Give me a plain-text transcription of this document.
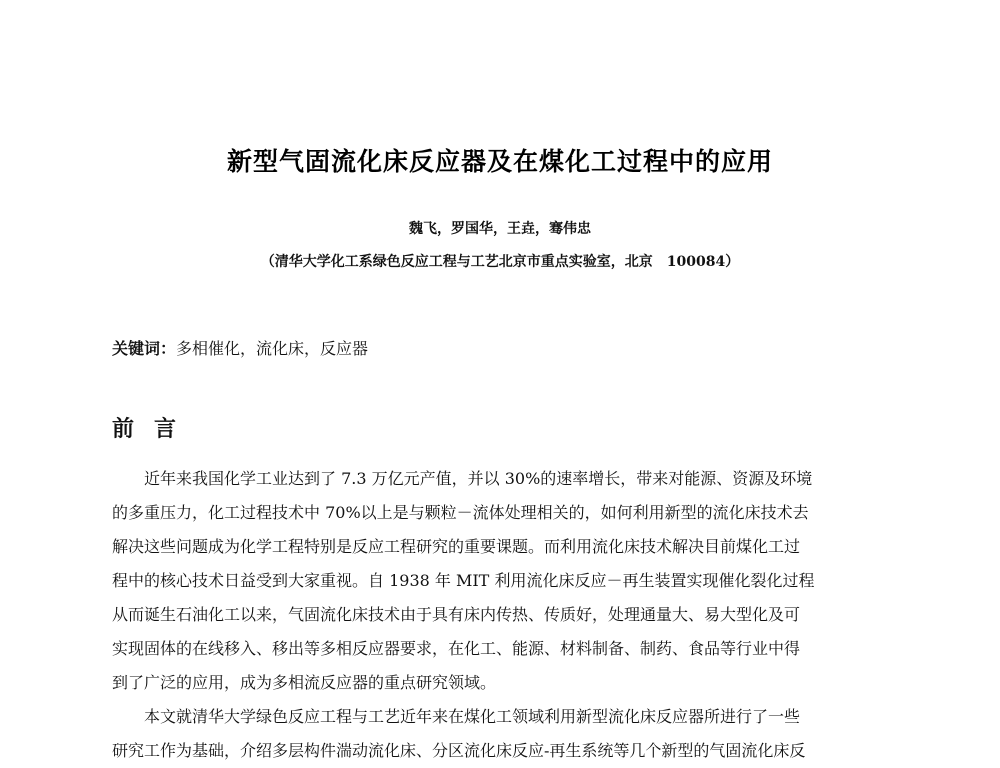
新型气固流化床反应器及在煤化工过程中的应用
魏飞，罗国华，王垚，骞伟忠
（清华大学化工系绿色反应工程与工艺北京市重点实验室，北京　100084）
关键词：多相催化，流化床，反应器
前言
近年来我国化学工业达到了 7.3 万亿元产值，并以 30%的速率增长，带来对能源、资源及环境
的多重压力，化工过程技术中 70%以上是与颗粒－流体处理相关的，如何利用新型的流化床技术去
解决这些问题成为化学工程特别是反应工程研究的重要课题。而利用流化床技术解决目前煤化工过
程中的核心技术日益受到大家重视。自 1938 年 MIT 利用流化床反应－再生装置实现催化裂化过程
从而诞生石油化工以来，气固流化床技术由于具有床内传热、传质好，处理通量大、易大型化及可
实现固体的在线移入、移出等多相反应器要求，在化工、能源、材料制备、制药、食品等行业中得
到了广泛的应用，成为多相流反应器的重点研究领域。
本文就清华大学绿色反应工程与工艺近年来在煤化工领域利用新型流化床反应器所进行了一些
研究工作为基础，介绍多层构件湍动流化床、分区流化床反应-再生系统等几个新型的气固流化床反
